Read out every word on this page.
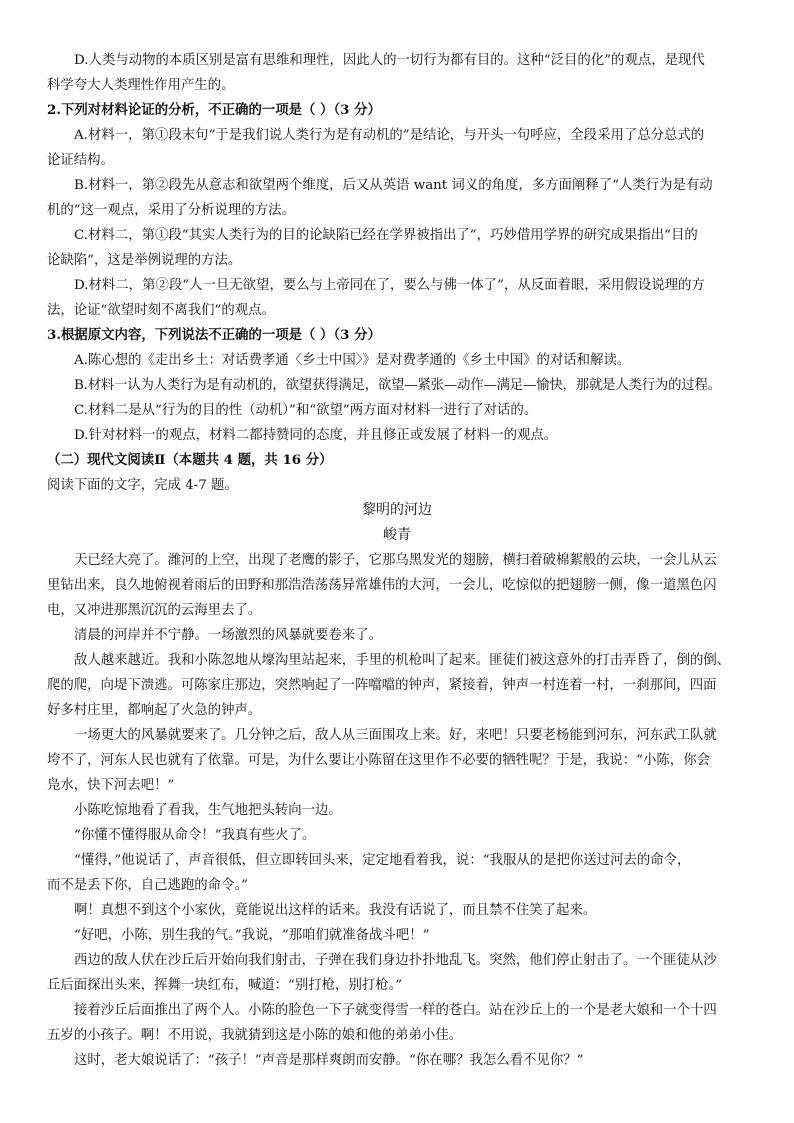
D.人类与动物的本质区别是富有思维和理性，因此人的一切行为都有目的。这种“泛目的化”的观点，是现代
科学夸大人类理性作用产生的。
2.下列对材料论证的分析，不正确的一项是（ ）（3 分）
A.材料一，第①段末句“于是我们说人类行为是有动机的”是结论，与开头一句呼应，全段采用了总分总式的
论证结构。
B.材料一，第②段先从意志和欲望两个维度，后又从英语 want 词义的角度，多方面阐释了“人类行为是有动
机的”这一观点，采用了分析说理的方法。
C.材料二，第①段“其实人类行为的目的论缺陷已经在学界被指出了”，巧妙借用学界的研究成果指出“目的
论缺陷”，这是举例说理的方法。
D.材料二，第②段“人一旦无欲望，要么与上帝同在了，要么与佛一体了”，从反面着眼，采用假设说理的方
法，论证“欲望时刻不离我们”的观点。
3.根据原文内容，下列说法不正确的一项是（ ）（3 分）
A.陈心想的《走出乡土：对话费孝通〈乡土中国〉》是对费孝通的《乡土中国》的对话和解读。
B.材料一认为人类行为是有动机的，欲望获得满足，欲望—紧张—动作—满足—愉快，那就是人类行为的过程。
C.材料二是从“行为的目的性（动机）”和“欲望”两方面对材料一进行了对话的。
D.针对材料一的观点，材料二都持赞同的态度，并且修正或发展了材料一的观点。
（二）现代文阅读Ⅱ（本题共 4 题，共 16 分）
阅读下面的文字，完成 4-7 题。
黎明的河边
峻青
天已经大亮了。潍河的上空，出现了老鹰的影子，它那乌黑发光的翅膀，横扫着破棉絮般的云块，一会儿从云
里钻出来，良久地俯视着雨后的田野和那浩浩荡荡异常雄伟的大河，一会儿，吃惊似的把翅膀一侧，像一道黑色闪
电，又冲进那黑沉沉的云海里去了。
清晨的河岸并不宁静。一场激烈的风暴就要卷来了。
敌人越来越近。我和小陈忽地从壕沟里站起来，手里的机枪叫了起来。匪徒们被这意外的打击弄昏了，倒的倒、
爬的爬，向堤下溃逃。可陈家庄那边，突然响起了一阵噹噹的钟声，紧接着，钟声一村连着一村，一刹那间，四面
好多村庄里，都响起了火急的钟声。
一场更大的风暴就要来了。几分钟之后，敌人从三面围攻上来。好，来吧！只要老杨能到河东，河东武工队就
垮不了，河东人民也就有了依靠。可是，为什么要让小陈留在这里作不必要的牺牲呢？于是，我说：“小陈，你会
凫水，快下河去吧！”
小陈吃惊地看了看我，生气地把头转向一边。
“你懂不懂得服从命令！”我真有些火了。
“懂得，”他说话了，声音很低，但立即转回头来，定定地看着我，说：“我服从的是把你送过河去的命令，
而不是丢下你，自己逃跑的命令。”
啊！真想不到这个小家伙，竟能说出这样的话来。我没有话说了，而且禁不住笑了起来。
“好吧，小陈，别生我的气。”我说，“那咱们就准备战斗吧！”
西边的敌人伏在沙丘后开始向我们射击，子弹在我们身边扑扑地乱飞。突然，他们停止射击了。一个匪徒从沙
丘后面探出头来，挥舞一块红布，喊道：“别打枪，别打枪。”
接着沙丘后面推出了两个人。小陈的脸色一下子就变得雪一样的苍白。站在沙丘上的一个是老大娘和一个十四
五岁的小孩子。啊！不用说，我就猜到这是小陈的娘和他的弟弟小佳。
这时，老大娘说话了：“孩子！”声音是那样爽朗而安静。“你在哪？我怎么看不见你？”
